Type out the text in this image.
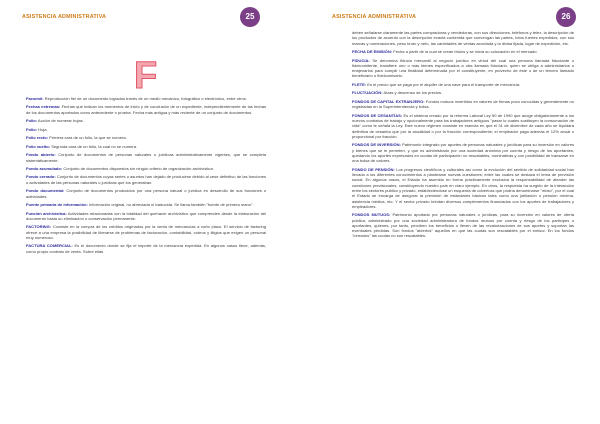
ASISTENCIA ADMINISTRATIVA	25
F
Facsímil: Reproducción fiel de un documento logrados través de un medio mecánico, fotográfico o electrónico, entre otros.
Fechas extremas: Fechas que indican los momentos de inicio y de conclusión de un expediente, independientemente de las fechas de los documentos aportados como antecedente o prueba. Fecha más antigua y más reciente de un conjunto de documentos.
Folio: Acción de numerar hojas.
Folio: Hoja.
Folio recto: Primera cara de un folio, la que se numera.
Folio vuelto: Segunda cara de un folio, la cual no se numera.
Fondo abierto: Conjunto de documentos de personas naturales o jurídicas administrativamente vigentes, que se completa sistemáticamente.
Fondo acumulado: Conjunto de documentos dispuestos sin ningún criterio de organización archivística.
Fondo cerrado: Conjunto de documentos cuyas series o asuntos han dejado de producirse debido al cese definitivo de las funciones o actividades de las personas naturales o jurídicas que los generaban.
Fondo documental: Conjunto de documentos producidos por una persona natural o jurídica en desarrollo de sus funciones o actividades.
Fuente primaria de información: Información original, no abreviada ni traducida. Se llama también "fuente de primera mano".
Función archivística: Actividades relacionadas con la totalidad del quehacer archivístico que comprenden desde la elaboración del documento hasta su eliminación o conservación permanente.
FACTORING: Consiste en la compra de los créditos originados por la venta de mercancías a corto plazo. El servicio de factoring ofrece a una empresa la posibilidad de liberarse de problemas de facturación, contabilidad, cobros y litigios que exigen un personal muy numeroso.
FACTURA COMERCIAL: Es el documento donde se fija el importe de la mercancía expedida. En algunos casos tiene, además, como propio contrato de venta. Sobre ellas
ASISTENCIA ADMINISTRATIVA	26
deben señalarse claramente las partes compradoras y vendedoras, con sus direcciones, teléfonos y telex, la descripción de los productos de acuerdo con la descripción exacta contenida que convengan las partes, fotos fuertes expedidos, con sus marcas y numeraciones, peso bruto y neto, las cantidades de ventas acordada y la divisa fijada, lugar de expedición, etc.
FECHA DE EMISIÓN: Fecha a partir de la cual se crean títulos y se inicia su colocación en el mercado.
FIDUCIA: Se denomina fiducia mercantil al negocio jurídico en virtud del cual una persona llamada fiduciante o fideicomitente, transfiere uno o más bienes especificados a otra llamada fiduciario, quien se obliga a administrarlos o enajenarlos para cumplir una finalidad determinada por el constituyente, en provecho de éste o de un tercero llamado beneficiario o fideicomisario.
FLETE: Es el precio que se paga por el alquiler de una nave para el transporte de mercancía.
FLUCTUACIÓN: Alzas y descenso de los precios.
FONDOS DE CAPITAL EXTRANJERO: Fondos mutuos invertidos en valores de firmas poco conocidas y generalmente no registradas en la Superintendencia y bolsa.
FONDOS DE CESANTÍAS: Es el sistema creado por la reforma Laboral Ley 50 de 1990 que acoge obligatoriamente a los nuevos contratos de trabajo y opcionalmente para los trabajadores antiguos "pasar lo cuales sustituyen la consumación de vida" como te señala la Ley. Este nuevo régimen consiste en esencia en que el 31 de diciembre de cada año se liquidará definitiva de cesantía que por la anualidad o por la fracción correspondiente; el empleador paga además el 12% anual o proporcional por fracción.
FONDOS DE INVERSIÓN: Patrimonio integrado por aportes de personas naturales y jurídicas para su inversión en valores y bienes que se le permiten, y que es administrado por una sociedad anónima por cuenta y riesgo de los aportantes, quedando los aportes expresados en cuotas de participación no rescatables, nominativas y con posibilidad de transarse en una bolsa de valores.
FONDO DE PENSIÓN: Los progresos científicos y culturales así como la evolución del sentido de solidaridad social han llevado a los diferentes conocimientos a plantearse nuevas cuestiones; entre las cuales se destaca el tema de previsión social. En algunos casos, el Estado ha asumido en forma prácticamente exclusiva la responsabilidad de atender las cuestiones previsionales, constituyendo nuestro país en claro ejemplo. En otros, la respuesta ha surgido de la interacción entre los sectores público y privado, estableciéndose un esquema de cobertura que podría denominarse "mixto", por el cual el Estado se encarga de asegurar la previsión de estándares básicos tales como una jubilación o pensión mínima, asistencia médica, etc. Y el sector privado brindan diversos complementos financiados con los aportes de trabajadores y empleadores.
FONDOS MUTUOS: Patrimonio aportado por personas naturales o jurídicas, para su inversión en valores de oferta pública, administrado por una sociedad administradora de fondos mutuos por cuenta y riesgo de los participes o aportantes, quienes, por tanto, perciben los beneficios o lleven de las revalorizaciones de sus aportes y soportan las eventuales pérdidas. Son fondos "abiertos" aquellos en que las cuotas son rescatables por el emisor. En los fondos "cerrados" las cuotas no son rescatables.
